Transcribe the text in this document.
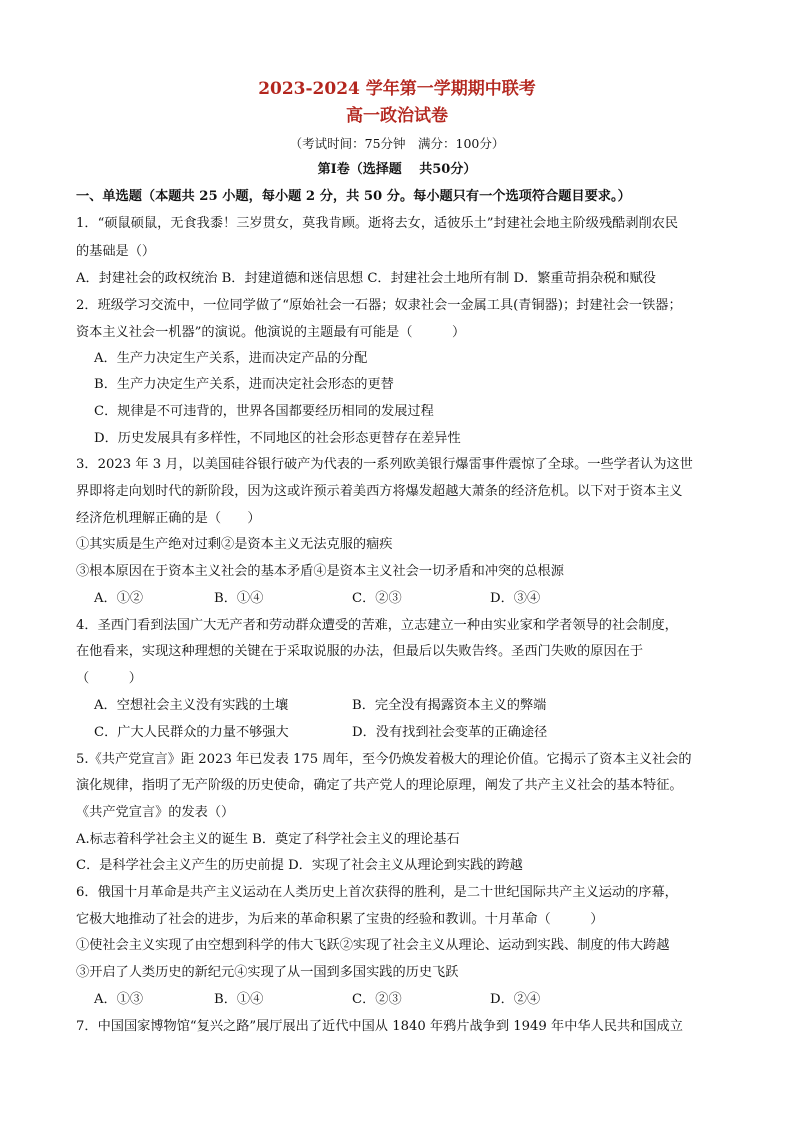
2023-2024 学年第一学期期中联考
高一政治试卷
（考试时间：75分钟　满分：100分）
第Ⅰ卷（选择题　 共50分）
一、单选题（本题共 25 小题，每小题 2 分，共 50 分。每小题只有一个选项符合题目要求。）
1．“硕鼠硕鼠，无食我黍！三岁贯女，莫我肯顾。逝将去女，适彼乐土”封建社会地主阶级残酷剥削农民
的基础是（）
A．封建社会的政权统治 B．封建道德和迷信思想 C．封建社会土地所有制 D．繁重苛捐杂税和赋役
2．班级学习交流中，一位同学做了“原始社会一石器；奴隶社会一金属工具(青铜器)；封建社会一铁器；
资本主义社会一机器”的演说。他演说的主题最有可能是（　　　）
A．生产力决定生产关系，进而决定产品的分配
B．生产力决定生产关系，进而决定社会形态的更替
C．规律是不可违背的，世界各国都要经历相同的发展过程
D．历史发展具有多样性，不同地区的社会形态更替存在差异性
3．2023 年 3 月，以美国硅谷银行破产为代表的一系列欧美银行爆雷事件震惊了全球。一些学者认为这世
界即将走向划时代的新阶段，因为这或许预示着美西方将爆发超越大萧条的经济危机。以下对于资本主义
经济危机理解正确的是（　　）
①其实质是生产绝对过剩②是资本主义无法克服的痼疾
③根本原因在于资本主义社会的基本矛盾④是资本主义社会一切矛盾和冲突的总根源
A．①②	B．①④	C．②③	D．③④
4．圣西门看到法国广大无产者和劳动群众遭受的苦难，立志建立一种由实业家和学者领导的社会制度，
在他看来，实现这种理想的关键在于采取说服的办法，但最后以失败告终。圣西门失败的原因在于
（　　　）
A．空想社会主义没有实践的土壤	B．完全没有揭露资本主义的弊端
C．广大人民群众的力量不够强大	D．没有找到社会变革的正确途径
5.《共产党宣言》距 2023 年已发表 175 周年，至今仍焕发着极大的理论价值。它揭示了资本主义社会的
演化规律，指明了无产阶级的历史使命，确定了共产党人的理论原理，阐发了共产主义社会的基本特征。
《共产党宣言》的发表（）
A.标志着科学社会主义的诞生 B．奠定了科学社会主义的理论基石
C．是科学社会主义产生的历史前提 D．实现了社会主义从理论到实践的跨越
6．俄国十月革命是共产主义运动在人类历史上首次获得的胜利，是二十世纪国际共产主义运动的序幕，
它极大地推动了社会的进步，为后来的革命积累了宝贵的经验和教训。十月革命（　　　）
①使社会主义实现了由空想到科学的伟大飞跃②实现了社会主义从理论、运动到实践、制度的伟大跨越
③开启了人类历史的新纪元④实现了从一国到多国实践的历史飞跃
A．①③	B．①④	C．②③	D．②④
7．中国国家博物馆“复兴之路”展厅展出了近代中国从 1840 年鸦片战争到 1949 年中华人民共和国成立
